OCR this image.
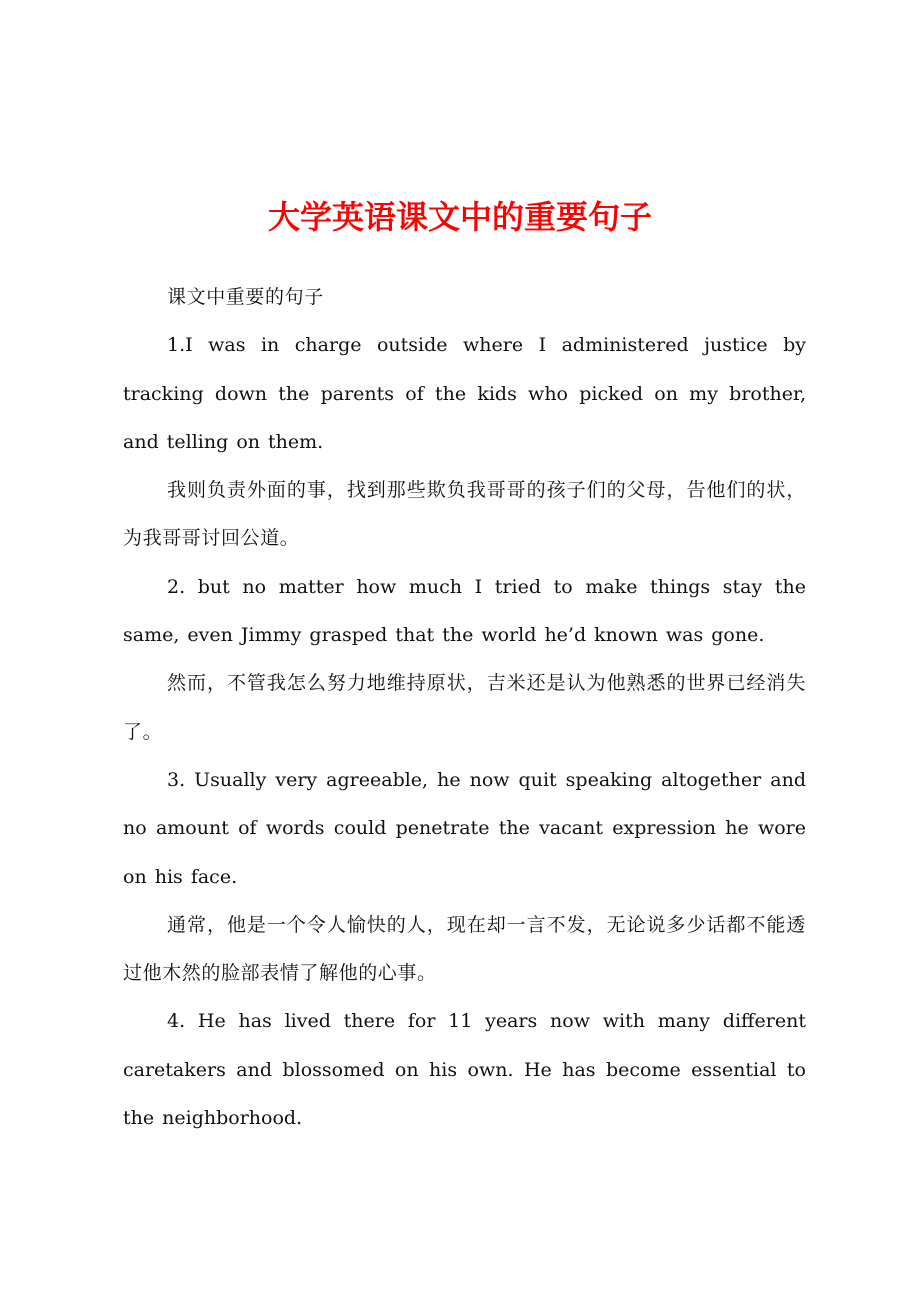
大学英语课文中的重要句子

课文中重要的句子

1.I was in charge outside where I administered justice by tracking down the parents of the kids who picked on my brother, and telling on them.

我则负责外面的事，找到那些欺负我哥哥的孩子们的父母，告他们的状，为我哥哥讨回公道。

2. but no matter how much I tried to make things stay the same, even Jimmy grasped that the world he’d known was gone.

然而，不管我怎么努力地维持原状，吉米还是认为他熟悉的世界已经消失了。

3. Usually very agreeable, he now quit speaking altogether and no amount of words could penetrate the vacant expression he wore on his face.

通常，他是一个令人愉快的人，现在却一言不发，无论说多少话都不能透过他木然的脸部表情了解他的心事。

4. He has lived there for 11 years now with many different caretakers and blossomed on his own. He has become essential to the neighborhood.
